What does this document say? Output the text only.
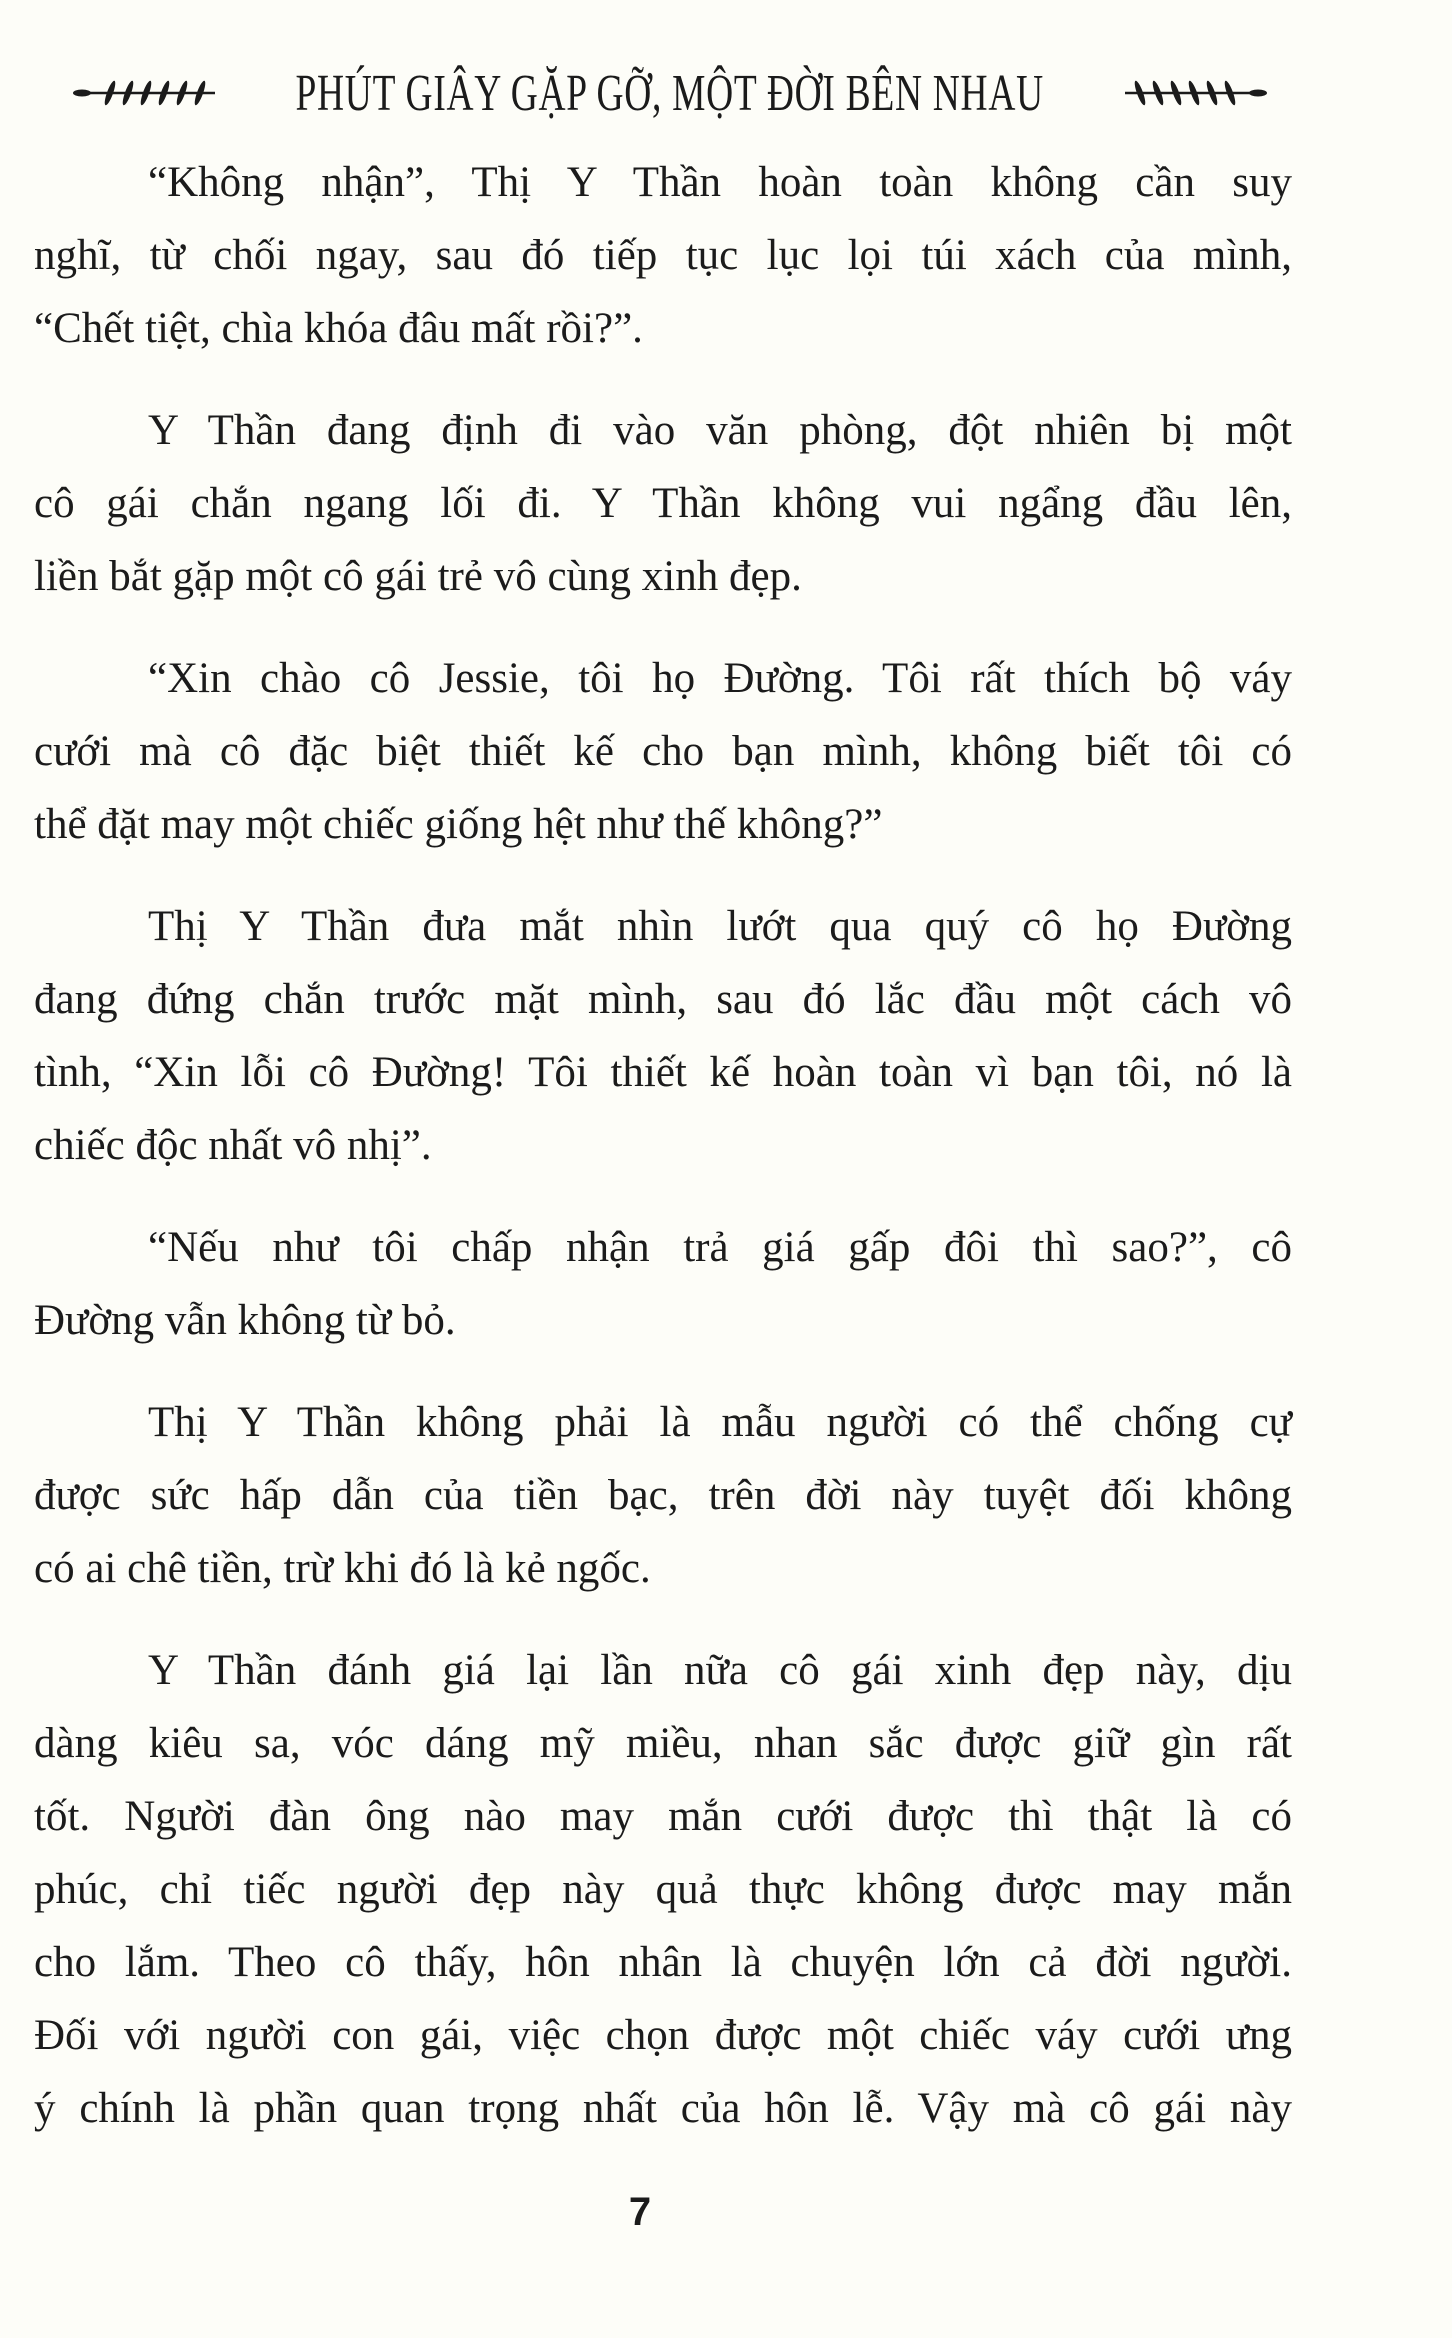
PHÚT GIÂY GẶP GỠ, MỘT ĐỜI BÊN NHAU
“Không nhận”, Thị Y Thần hoàn toàn không cần suy
nghĩ, từ chối ngay, sau đó tiếp tục lục lọi túi xách của mình,
“Chết tiệt, chìa khóa đâu mất rồi?”.
Y Thần đang định đi vào văn phòng, đột nhiên bị một
cô gái chắn ngang lối đi. Y Thần không vui ngẩng đầu lên,
liền bắt gặp một cô gái trẻ vô cùng xinh đẹp.
“Xin chào cô Jessie, tôi họ Đường. Tôi rất thích bộ váy
cưới mà cô đặc biệt thiết kế cho bạn mình, không biết tôi có
thể đặt may một chiếc giống hệt như thế không?”
Thị Y Thần đưa mắt nhìn lướt qua quý cô họ Đường
đang đứng chắn trước mặt mình, sau đó lắc đầu một cách vô
tình, “Xin lỗi cô Đường! Tôi thiết kế hoàn toàn vì bạn tôi, nó là
chiếc độc nhất vô nhị”.
“Nếu như tôi chấp nhận trả giá gấp đôi thì sao?”, cô
Đường vẫn không từ bỏ.
Thị Y Thần không phải là mẫu người có thể chống cự
được sức hấp dẫn của tiền bạc, trên đời này tuyệt đối không
có ai chê tiền, trừ khi đó là kẻ ngốc.
Y Thần đánh giá lại lần nữa cô gái xinh đẹp này, dịu
dàng kiêu sa, vóc dáng mỹ miều, nhan sắc được giữ gìn rất
tốt. Người đàn ông nào may mắn cưới được thì thật là có
phúc, chỉ tiếc người đẹp này quả thực không được may mắn
cho lắm. Theo cô thấy, hôn nhân là chuyện lớn cả đời người.
Đối với người con gái, việc chọn được một chiếc váy cưới ưng
ý chính là phần quan trọng nhất của hôn lễ. Vậy mà cô gái này
7
